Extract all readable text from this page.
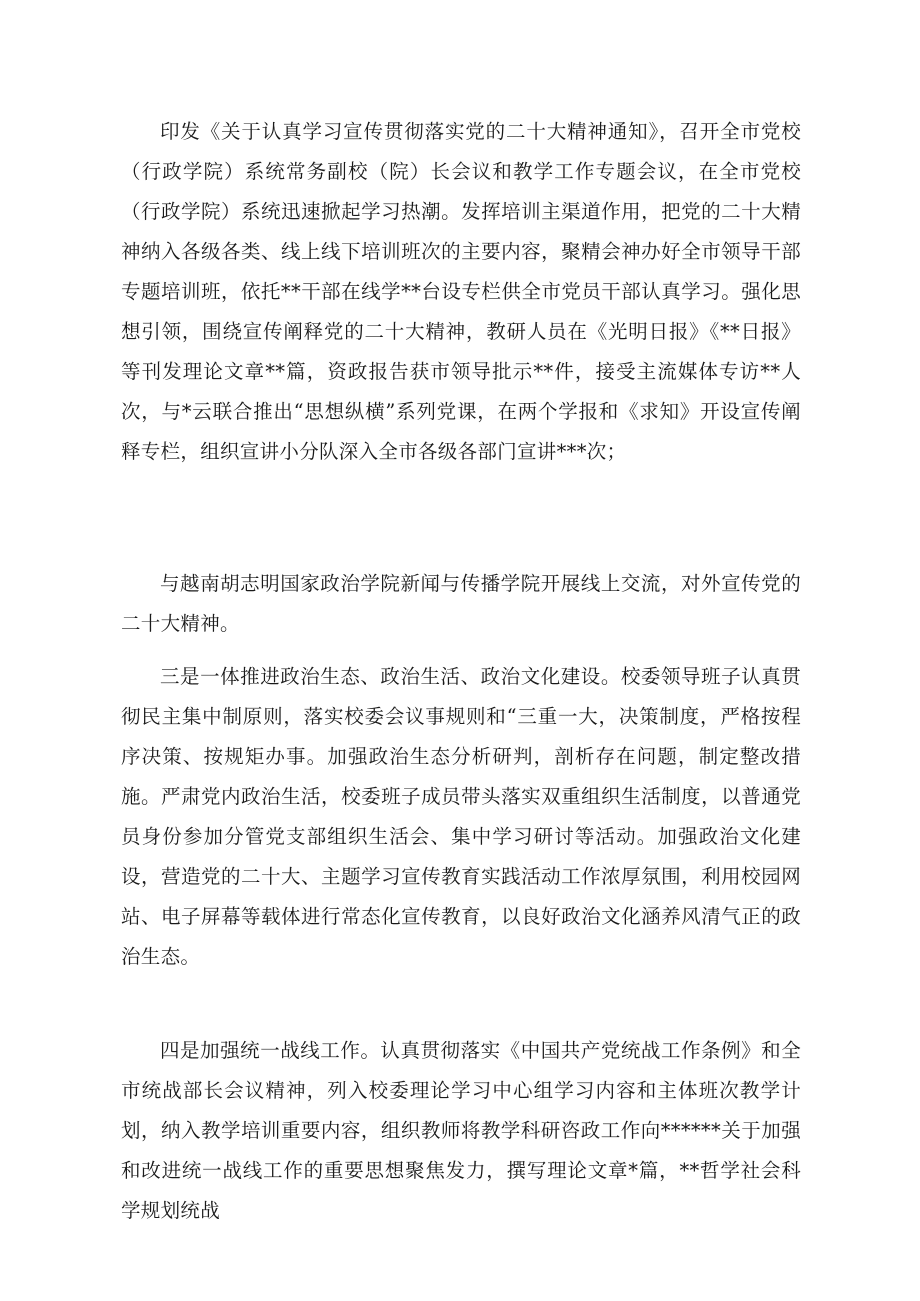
印发《关于认真学习宣传贯彻落实党的二十大精神通知》，召开全市党校（行政学院）系统常务副校（院）长会议和教学工作专题会议，在全市党校（行政学院）系统迅速掀起学习热潮。发挥培训主渠道作用，把党的二十大精神纳入各级各类、线上线下培训班次的主要内容，聚精会神办好全市领导干部专题培训班，依托**干部在线学**台设专栏供全市党员干部认真学习。强化思想引领，围绕宣传阐释党的二十大精神，教研人员在《光明日报》《**日报》等刊发理论文章**篇，资政报告获市领导批示**件，接受主流媒体专访**人次，与*云联合推出“思想纵横”系列党课，在两个学报和《求知》开设宣传阐释专栏，组织宣讲小分队深入全市各级各部门宣讲***次；

与越南胡志明国家政治学院新闻与传播学院开展线上交流，对外宣传党的二十大精神。

三是一体推进政治生态、政治生活、政治文化建设。校委领导班子认真贯彻民主集中制原则，落实校委会议事规则和“三重一大，决策制度，严格按程序决策、按规矩办事。加强政治生态分析研判，剖析存在问题，制定整改措施。严肃党内政治生活，校委班子成员带头落实双重组织生活制度，以普通党员身份参加分管党支部组织生活会、集中学习研讨等活动。加强政治文化建设，营造党的二十大、主题学习宣传教育实践活动工作浓厚氛围，利用校园网站、电子屏幕等载体进行常态化宣传教育，以良好政治文化涵养风清气正的政治生态。

四是加强统一战线工作。认真贯彻落实《中国共产党统战工作条例》和全市统战部长会议精神，列入校委理论学习中心组学习内容和主体班次教学计划，纳入教学培训重要内容，组织教师将教学科研咨政工作向******关于加强和改进统一战线工作的重要思想聚焦发力，撰写理论文章*篇，**哲学社会科学规划统战
